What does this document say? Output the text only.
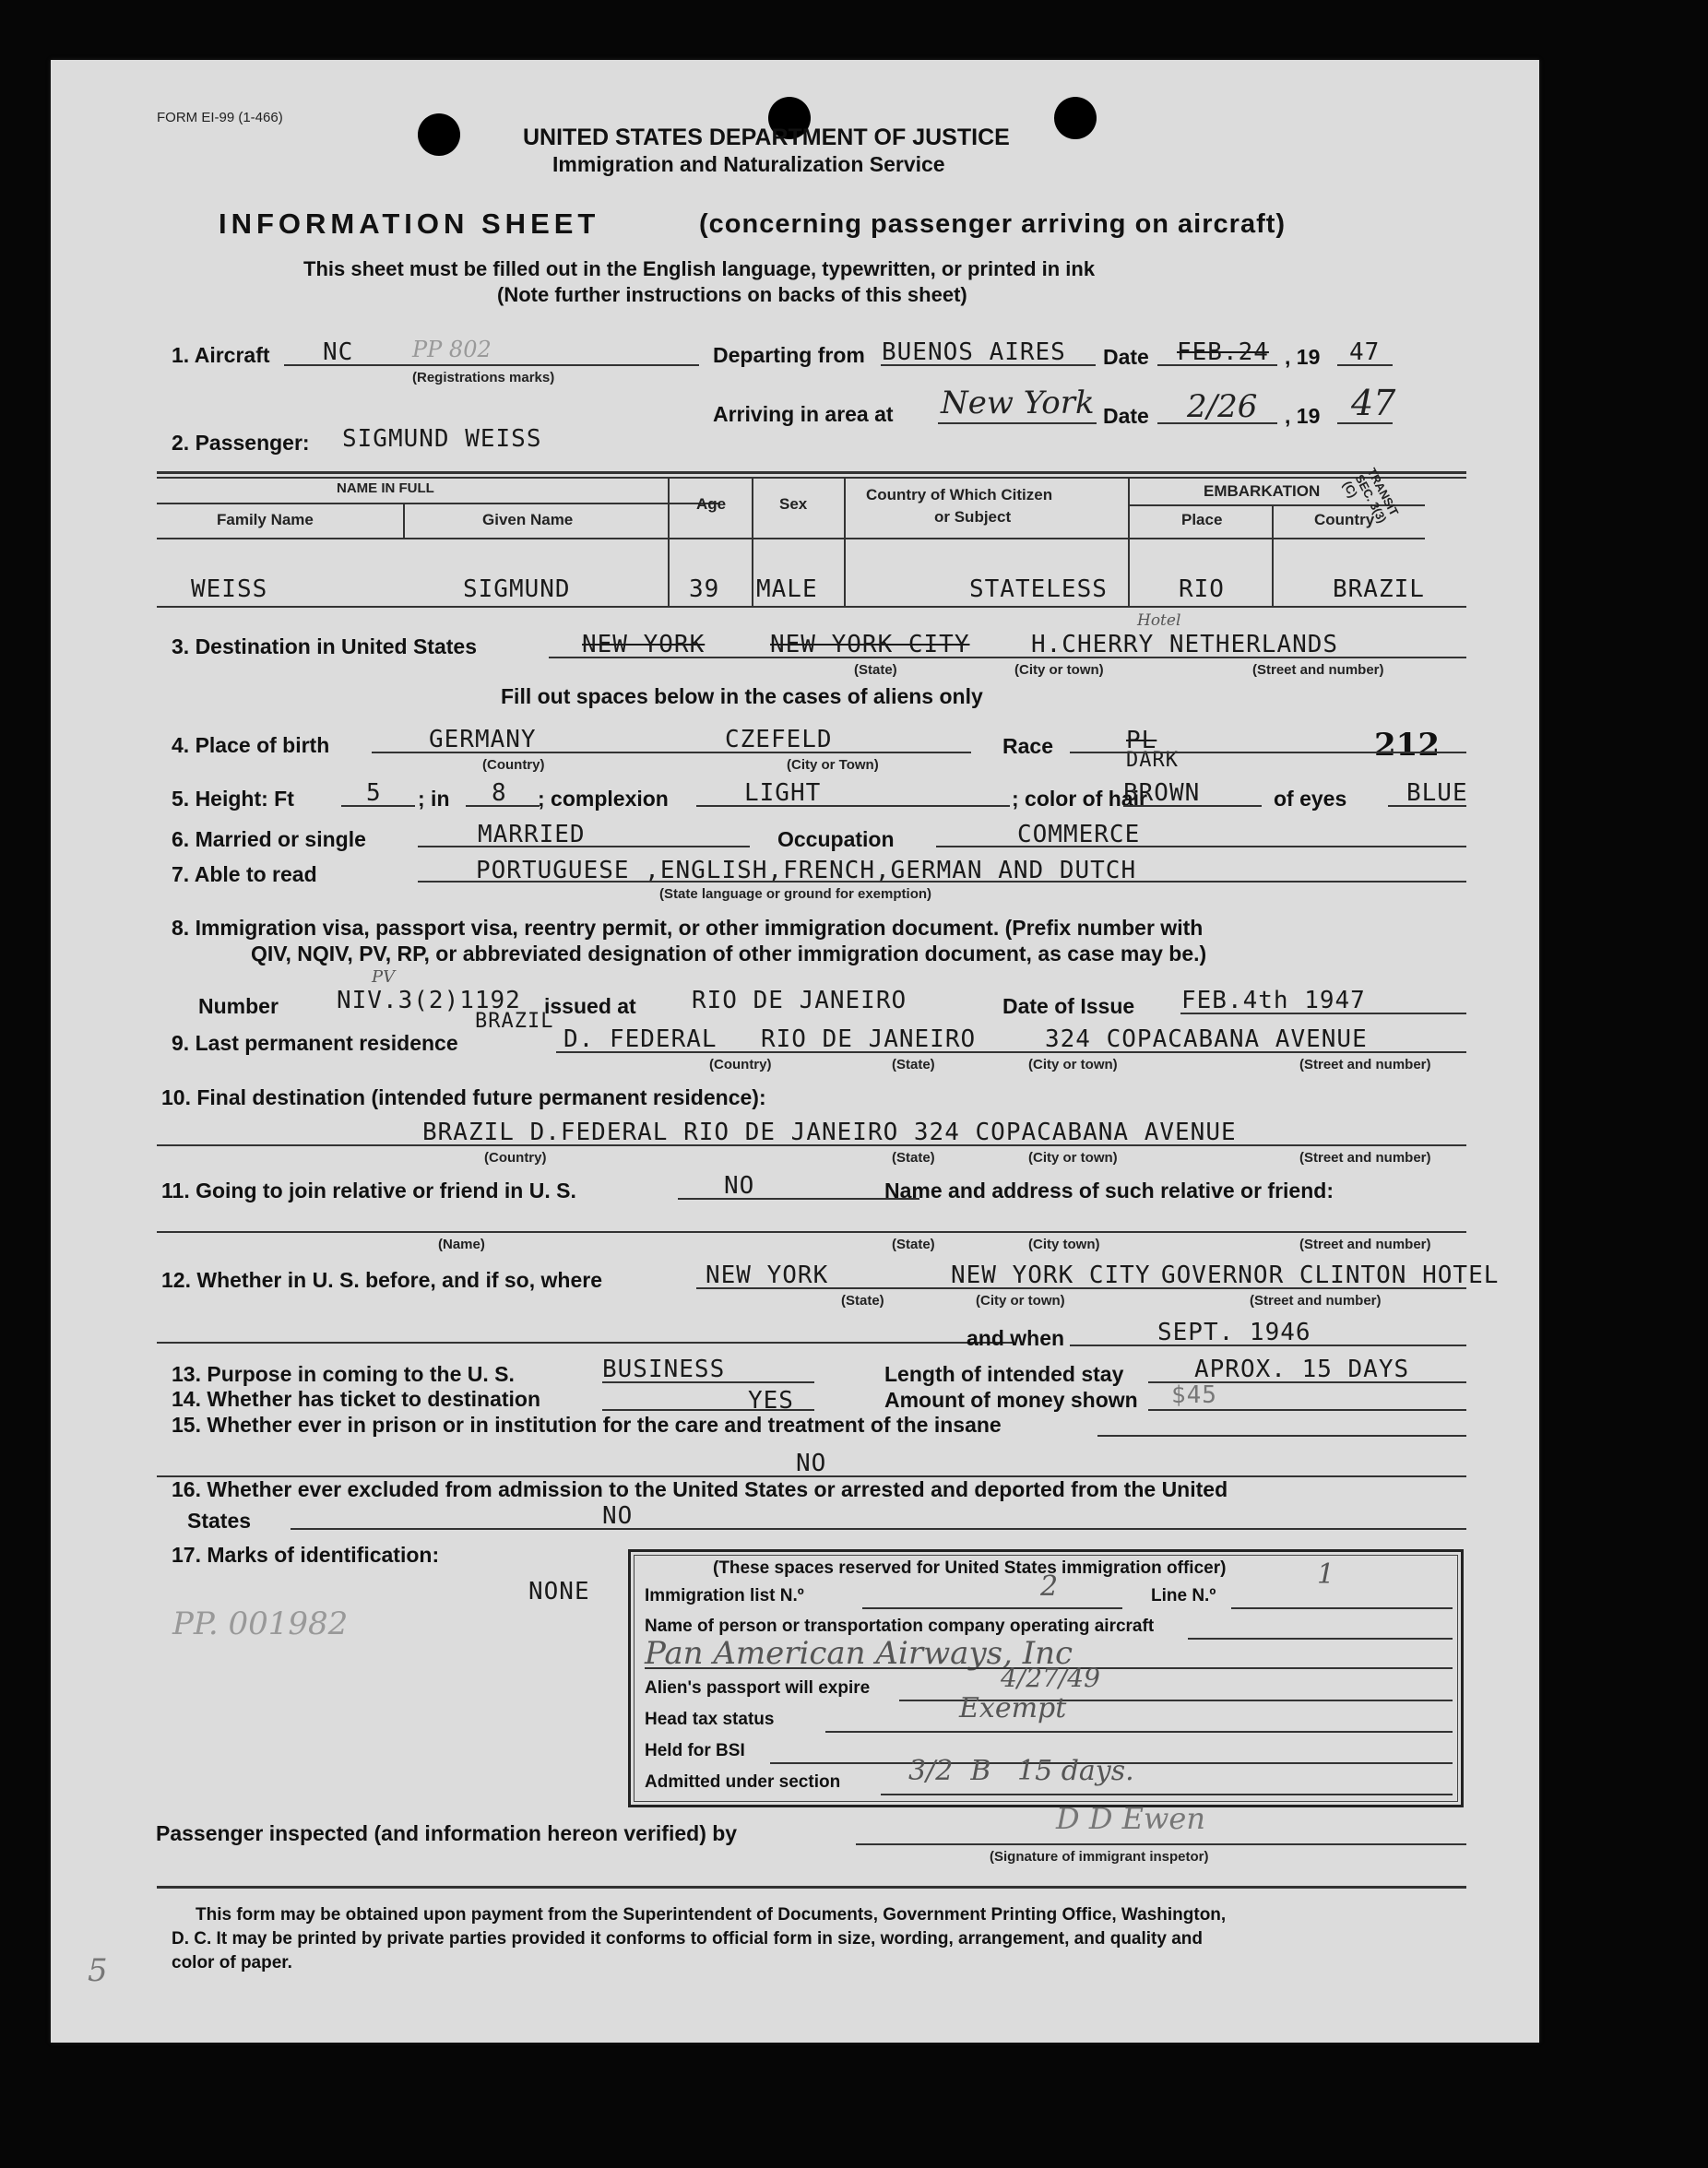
FORM EI-99 (1-466)
UNITED STATES DEPARTMENT OF JUSTICE
Immigration and Naturalization Service
INFORMATION SHEET	(concerning passenger arriving on aircraft)
This sheet must be filled out in the English language, typewritten, or printed in ink
(Note further instructions on backs of this sheet)
1. Aircraft NC	PP 802
(Registrations marks)
Departing from BUENOS AIRES Date FEB.24 , 19 47
Arriving in area at New York Date 2/26 , 19 47
2. Passenger: SIGMUND WEISS
NAME IN FULL
Family Name	Given Name
Age	Sex
Country of Which Citizen
or Subject
EMBARKATION
Place	Country
WEISS	SIGMUND	39 MALE	STATELESS	RIO	BRAZIL
TRANSIT SEC. 3(3)(C)
3. Destination in United States	NEW YORK	NEW YORK CITY	H.CHERRY NETHERLANDS
Hotel
(State)	(City or town)	(Street and number)
Fill out spaces below in the cases of aliens only
4. Place of birth	GERMANY	CZEFELD
(Country)	(City or Town)
Race	PL
DARK	212
5. Height: Ft	5 ; in 8 ; complexion	LIGHT	; color of hair
BROWN	of eyes BLUE
6. Married or single	MARRIED	Occupation	COMMERCE
7. Able to read	PORTUGUESE ,ENGLISH,FRENCH,GERMAN AND DUTCH
(State language or ground for exemption)
8. Immigration visa, passport visa, reentry permit, or other immigration document. (Prefix number with
QIV, NQIV, PV, RP, or abbreviated designation of other immigration document, as case may be.)
Number
PV
NIV.3(2)1192 issued at RIO DE JANEIRO	Date of Issue FEB.4th 1947
9. Last permanent residence
BRAZIL
D. FEDERAL RIO DE JANEIRO	324 COPACABANA AVENUE
(Country)	(State)	(City or town)	(Street and number)
10. Final destination (intended future permanent residence):
BRAZIL D.FEDERAL RIO DE JANEIRO 324 COPACABANA AVENUE
(Country)	(State)	(City or town)	(Street and number)
11. Going to join relative or friend in U. S.	NO	Name and address of such relative or friend:
(Name)	(State)	(City town)	(Street and number)
12. Whether in U. S. before, and if so, where	NEW YORK	NEW YORK CITY GOVERNOR CLINTON HOTEL
(State)	(City or town)	(Street and number)
and when	SEPT. 1946
13. Purpose in coming to the U. S.	BUSINESS	Length of intended stay	APROX. 15 DAYS
14. Whether has ticket to destination	YES	Amount of money shown $45
15. Whether ever in prison or in institution for the care and treatment of the insane
NO
16. Whether ever excluded from admission to the United States or arrested and deported from the United
States	NO
17. Marks of identification:
NONE
PP. 001982
(These spaces reserved for United States immigration officer)
Immigration list N.º	2	Line N.º
1
Name of person or transportation company operating aircraft
Pan American Airways, Inc
Alien's passport will expire	4/27/49
Head tax status	Exempt
Held for BSI
Admitted under section 3/2  B   15 days.
Passenger inspected (and information hereon verified) by	D D Ewen
(Signature of immigrant inspetor)
This form may be obtained upon payment from the Superintendent of Documents, Government Printing Office, Washington,
D. C. It may be printed by private parties provided it conforms to official form in size, wording, arrangement, and quality and
color of paper.
5
